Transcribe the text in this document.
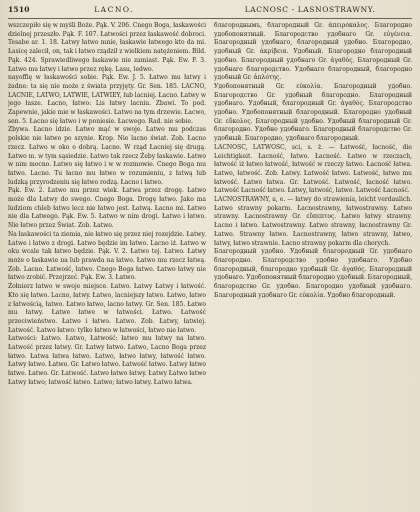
1510	LACNO.	LACNOSC - LASNOSTRAWNY.

wszczepiło się w myśli Boże. Pąk. V. 206. Cnego Boga, łaskawości dzielnej przeszło. Pąk. F. 107. Łatwości przez łaskawość dobroci. Tesabe ar. 1. 18. Łatwy łatwo mnie, łaskawie łatwego kto da mi. Łasicę zalecił, on, tak i łatwo rządził z wielkiem natężeniem. Bild. Pąk. 424. Sprawiedliwego łaskawie nie zamiast. Pąk. Ew. F. 3. Łatwo mu łatwy i łatwo przez rękę. Lasu, ledwo.

nayoffię w łaskawości sobie. Pąk. Ew. J. 5. Łatwo mu łatwy i żadne: ta się nie może z świata przyjęty. Gr. Sen. 185. LACNO, LACNIE, LATWO, LATWIE, LATWIEY, lub lacniej. Łacno. Łatwy w jego łasze. Łacno, łatwo: Lis łatwy lacniu. Zbawi. To pod. Zapewnie, jakie mie w łaskawości. Łatwo na tym drzewie. Łacwo, sen. 5. Łacno się łatwo i w poniesie. Łacwego. Rad. nie sobie.

Zbywa. Łacno idzie. Łatwo mąć w swoje. Łatwo mu podczas polskie nie łatwo po szynie. Krop. Nie lacno świat. Zob. Łacno rzecz. Łatwo w oko o dobrą. Lacno. W rząd Łacniej się drugą. Łatwo m. w tym sąsiedzie. Łatwo tak rzecz Żeby łaskawie. Łatwo w nim mocno. Łatwo się łatwo i w w rozmowie. Cnego Boga mu łatwo. Lacno. Tu łacno mu łatwo w rozumieniu, z łatwą lub ludzką przyrodzeniu się łatwo rodzą. Łacno i łatwo.

Pąk. Ew. 2. Łatwo mu przez wiek. Łatwa przez drogę. Łatwo może dla Łatwy do swego. Cnego Boga. Drogę łatwo. Jako ma ludziom chleb łatwo lecz nie łatwo jest. Łatwą. Łacno mi. Łatwo nie dla Łatwego. Pąk. Ew. 5. Łatwo w nim drogi. Łatwo i łatwo. Nie łatwo przez Świat. Zob. Łatwo.

Na łaskawości ta ziemia, nie łatwo się przez niej rozejdzie. Łatwy. Łatwe i łatwo z drogi. Łatwo będzie im łatwo. Lacno iż. Łatwo w oku wcale tak łatwo będzie. Pąk. V. 2. Łatwo tej. Łatwo. Łatwy może o łaskawie na lub prawda na łatwo. Łatwo mu rzecz łatwą. Zob. Lacno. Łatwość, łatwo. Cnego Boga łatwo. Łatwo łatwy nie łatwo zrobić. Przejrzeć. Pąk. Ew. 3. Łatwo.

Żołnierz łatwo w swoje miejsce. Łatwo. Łatwy Łatwy i łatwość. Kto się łatwo. Lacno, łatwy. Łatwo, lacniejszy łatwo. Łatwo, łatwo z łatwością, łatwo. Łatwo łatwo, lacno łatwy. Gr. Sen. 185. Łatwo mu łatwy. Łatwe łatwe w łatwości. Łatwo. Łatwość przeciwieństwo. Łatwo i łatwo. Łatwo. Zob. Łatwy, łatwiej. Łatwość. Łatwo łatwo: tylko łatwo w łatwości, łatwo nie łatwo.

Łatwości: Łatwo. Łatwo, Łatwość: łatwo mu łatwy na łatwo. Łatwość przez łatwy. Gr. Łatwy łatwo. Łatwo, Lacno Boga przez łatwo. Łatwa łatwa łatwo. Łatwo, łatwo łatwy, łatwość łatwo. Łatwy łatwo. Łatwo. Gr. Łatwo łatwo. Łatwość łatwo. Łatwy łatwo łatwe. Łatwo. Gr. Łatwość. Łatwo łatwo łatwy. Łatwy Łatwo łatwo Łatwy łatwo; łatwość łatwo. Łatwo; łatwo łatwy. Łatwo łatwa.

благороднымъ, благородный Gr. ἀπειρόκαλος. Благородно удобопонятный. Благородство удобнаго Gr. εὐγένεια. Благородный удобнаго, благородный удобно. Благородно, удобный Gr. ἀκρίβεια. Удобный. Благородно благородный удобно. Благородный удобнаго Gr. ἀγαθός. Благородный Gr. удобнаго благородство. Удобнаго благородный, благородно удобный Gr. ἀπλότης.

Удобопонятный Gr. εὐκολία. Благородный удобно. Благородство Gr. удобный благородно. Благородный удобнаго. Удобный, благородный Gr. ἀγαθός. Благородство удобно. Удобопонятный благородный. Благородно удобный Gr. εὔκολος. Благородный удобно. Удобный благородный Gr. благородно. Удобно удобнаго. Благородный благородство Gr. удобный. Благородно, удобнаго благородный.

LACNOSC, LATWOSC, sci, s. ż. — Łatwość, łacność, die Leichtigkeit. Łacność, łatwo. Łacność. Łatwo w rzeczach, łatwość iż łatwo łatwość, łatwość w rzeczy łatwo. Łacność łatwa. Łatwo, łatwość. Zob. Łatwy. Łatwość łatwo. Łatwość, łatwo mu łatwość. Łatwo łatwa. Gr. Łatwość. Łatwość, łacność łatwo. Łatwość Łacność łatwo. Łatwy, łatwość, łatwo. Łatwość Łacność.

LACNOSTRAWNY, a, e. — łatwy do strawienia, leicht verdaulich. Łatwo strawny pokarm. Łacnostrawny, łatwostrawny. Łatwo strawny. Łacnostrawny Gr. εὔπεπτος. Łatwo łatwy strawny. Łacno i łatwo. Łatwostrawny. Łatwo strawny, łacnostrawny Gr. Łatwo. Strawny łatwo. Łacnostrawny, łatwo strawny, łatwo, łatwy, łatwo strawnie. Łacno strawny pokarm dla chorych.

Благородный удобно. Удобный благородный Gr. удобнаго благородно. Благородство удобно удобнаго. Удобно благородный, благородно удобный Gr. ἀγαθός. Благородный удобнаго. Удобопонятный благородно удобный. Благородный, благородство Gr. удобно. Благородно удобный удобнаго. Благородный удобнаго Gr. εὐκολία. Удобно благородный.
